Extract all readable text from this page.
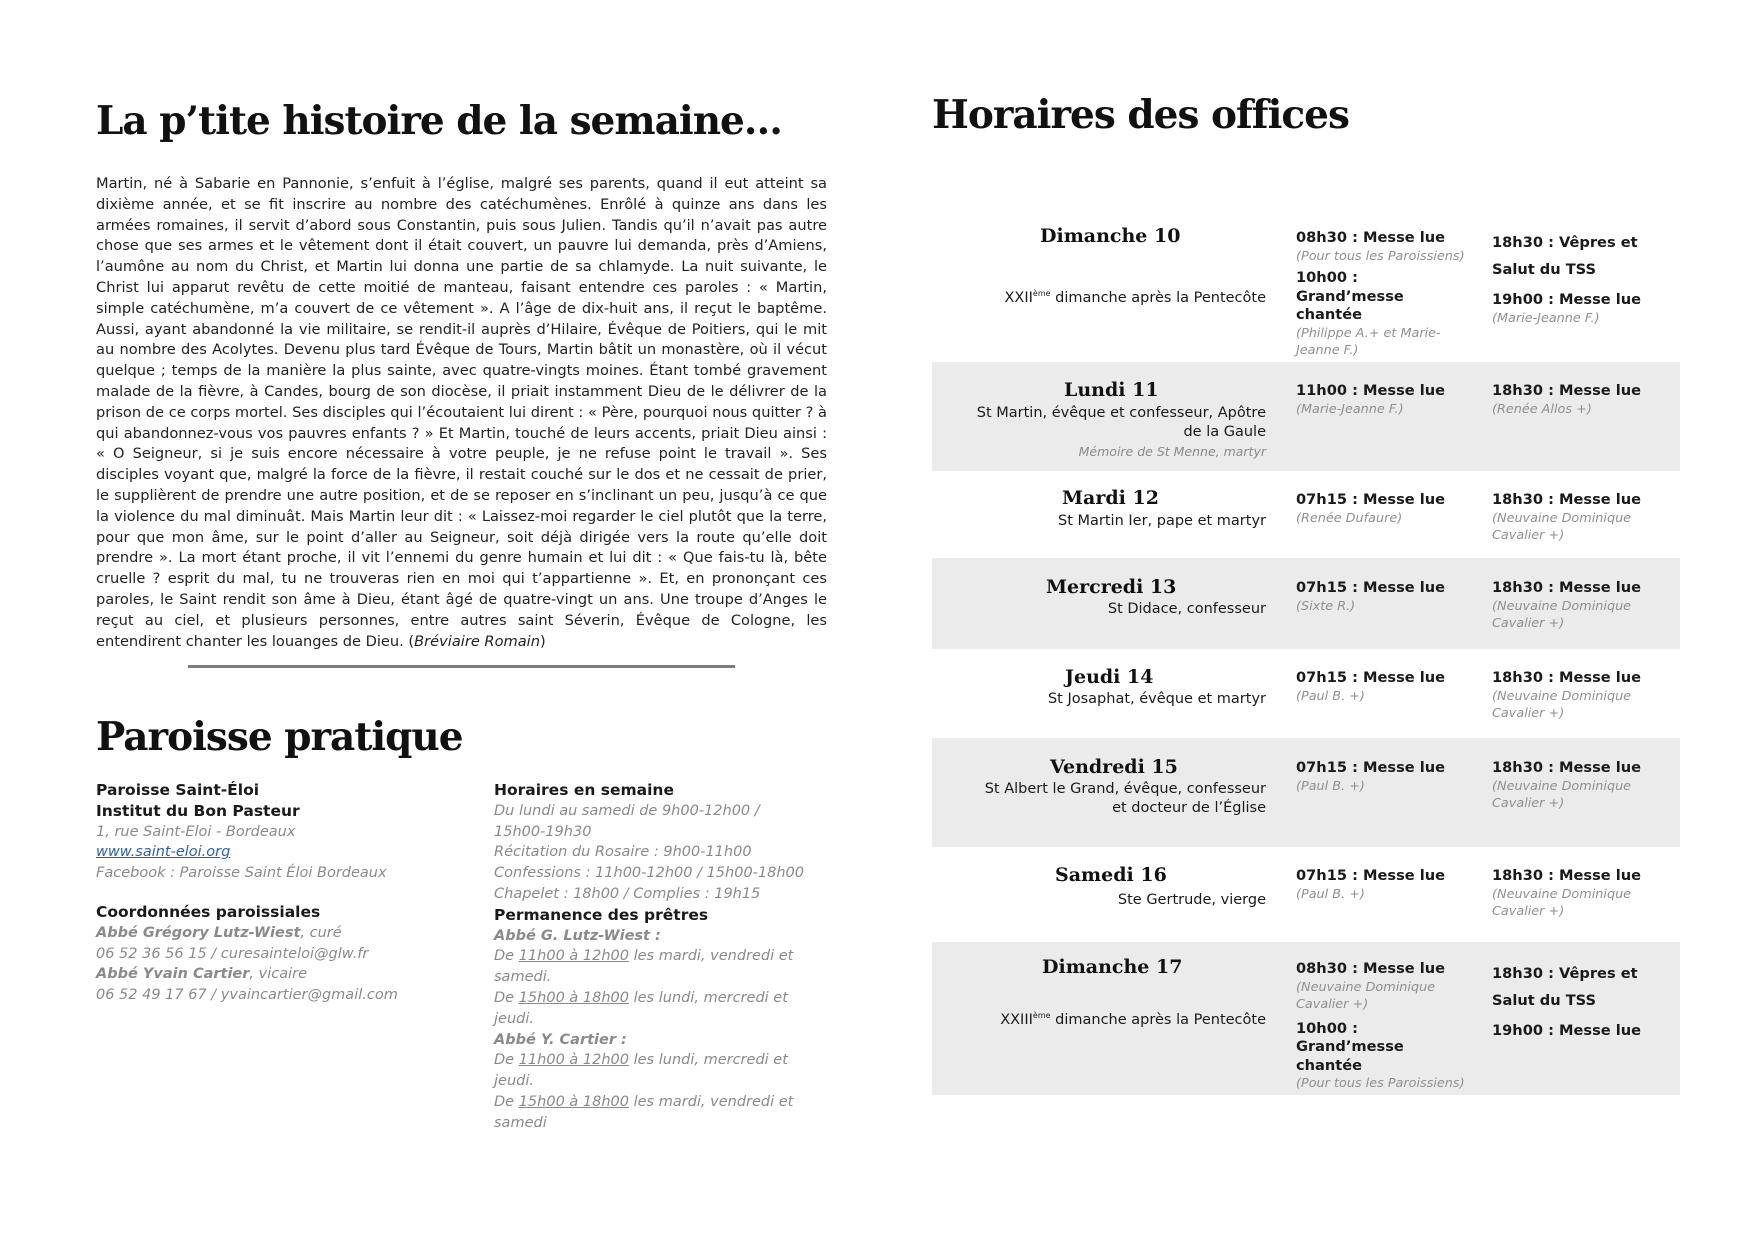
La p’tite histoire de la semaine…

Martin, né à Sabarie en Pannonie, s’enfuit à l’église, malgré ses parents, quand il eut atteint sa dixième année, et se fit inscrire au nombre des catéchumènes. Enrôlé à quinze ans dans les armées romaines, il servit d’abord sous Constantin, puis sous Julien. Tandis qu’il n’avait pas autre chose que ses armes et le vêtement dont il était couvert, un pauvre lui demanda, près d’Amiens, l’aumône au nom du Christ, et Martin lui donna une partie de sa chlamyde. La nuit suivante, le Christ lui apparut revêtu de cette moitié de manteau, faisant entendre ces paroles : « Martin, simple catéchumène, m’a couvert de ce vêtement ». A l’âge de dix-huit ans, il reçut le baptême. Aussi, ayant abandonné la vie militaire, se rendit-il auprès d’Hilaire, Évêque de Poitiers, qui le mit au nombre des Acolytes. Devenu plus tard Évêque de Tours, Martin bâtit un monastère, où il vécut quelque ; temps de la manière la plus sainte, avec quatre-vingts moines. Étant tombé gravement malade de la fièvre, à Candes, bourg de son diocèse, il priait instamment Dieu de le délivrer de la prison de ce corps mortel. Ses disciples qui l’écoutaient lui dirent : « Père, pourquoi nous quitter ? à qui abandonnez-vous vos pauvres enfants ? » Et Martin, touché de leurs accents, priait Dieu ainsi : « O Seigneur, si je suis encore nécessaire à votre peuple, je ne refuse point le travail ». Ses disciples voyant que, malgré la force de la fièvre, il restait couché sur le dos et ne cessait de prier, le supplièrent de prendre une autre position, et de se reposer en s’inclinant un peu, jusqu’à ce que la violence du mal diminuât. Mais Martin leur dit : « Laissez-moi regarder le ciel plutôt que la terre, pour que mon âme, sur le point d’aller au Seigneur, soit déjà dirigée vers la route qu’elle doit prendre ». La mort étant proche, il vit l’ennemi du genre humain et lui dit : « Que fais-tu là, bête cruelle ? esprit du mal, tu ne trouveras rien en moi qui t’appartienne ». Et, en prononçant ces paroles, le Saint rendit son âme à Dieu, étant âgé de quatre-vingt un ans. Une troupe d’Anges le reçut au ciel, et plusieurs personnes, entre autres saint Séverin, Évêque de Cologne, les entendirent chanter les louanges de Dieu. (Bréviaire Romain)

Paroisse pratique
Paroisse Saint-Éloi
Institut du Bon Pasteur
1, rue Saint-Eloi - Bordeaux
www.saint-eloi.org
Facebook : Paroisse Saint Éloi Bordeaux
Coordonnées paroissiales
Abbé Grégory Lutz-Wiest, curé
06 52 36 56 15 / curesainteloi@glw.fr
Abbé Yvain Cartier, vicaire
06 52 49 17 67 / yvaincartier@gmail.com
Horaires en semaine
Du lundi au samedi de 9h00-12h00 / 15h00-19h30
Récitation du Rosaire : 9h00-11h00
Confessions : 11h00-12h00 / 15h00-18h00
Chapelet : 18h00 / Complies : 19h15
Permanence des prêtres
Abbé G. Lutz-Wiest :
De 11h00 à 12h00 les mardi, vendredi et samedi.
De 15h00 à 18h00 les lundi, mercredi et jeudi.
Abbé Y. Cartier :
De 11h00 à 12h00 les lundi, mercredi et jeudi.
De 15h00 à 18h00 les mardi, vendredi et samedi
Horaires des offices
Dimanche 10
XXIIème dimanche après la Pentecôte
08h30 : Messe lue
(Pour tous les Paroissiens)
10h00 : Grand’messe chantée
(Philippe A.+ et Marie-Jeanne F.)
18h30 : Vêpres et Salut du TSS
19h00 : Messe lue
(Marie-Jeanne F.)
Lundi 11
St Martin, évêque et confesseur, Apôtre de la Gaule
Mémoire de St Menne, martyr
11h00 : Messe lue
(Marie-Jeanne F.)
18h30 : Messe lue
(Renée Allos +)
Mardi 12
St Martin Ier, pape et martyr
07h15 : Messe lue
(Renée Dufaure)
18h30 : Messe lue
(Neuvaine Dominique Cavalier +)
Mercredi 13
St Didace, confesseur
07h15 : Messe lue
(Sixte R.)
18h30 : Messe lue
(Neuvaine Dominique Cavalier +)
Jeudi 14
St Josaphat, évêque et martyr
07h15 : Messe lue
(Paul B. +)
18h30 : Messe lue
(Neuvaine Dominique Cavalier +)
Vendredi 15
St Albert le Grand, évêque, confesseur et docteur de l’Église
07h15 : Messe lue
(Paul B. +)
18h30 : Messe lue
(Neuvaine Dominique Cavalier +)
Samedi 16
Ste Gertrude, vierge
07h15 : Messe lue
(Paul B. +)
18h30 : Messe lue
(Neuvaine Dominique Cavalier +)
Dimanche 17
XXIIIème dimanche après la Pentecôte
08h30 : Messe lue
(Neuvaine Dominique Cavalier +)
10h00 : Grand’messe chantée
(Pour tous les Paroissiens)
18h30 : Vêpres et Salut du TSS
19h00 : Messe lue
